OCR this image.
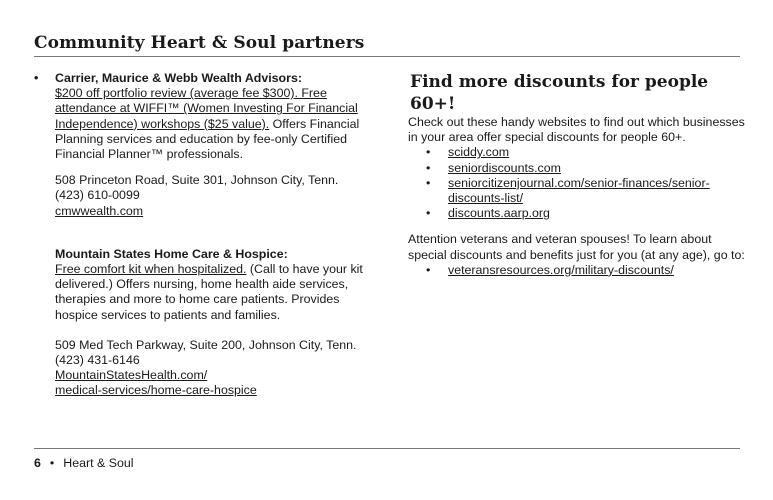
Community Heart & Soul partners
• Carrier, Maurice & Webb Wealth Advisors:

$200 off portfolio review (average fee $300). Free attendance at WIFFI™ (Women Investing For Financial Independence) workshops ($25 value). Offers Financial Planning services and education by fee-only Certified Financial Planner™ professionals.

508 Princeton Road, Suite 301, Johnson City, Tenn.

(423) 610-0099

cmwwealth.com

Mountain States Home Care & Hospice:

Free comfort kit when hospitalized. (Call to have your kit delivered.) Offers nursing, home health aide services, therapies and more to home care patients. Provides hospice services to patients and families.

509 Med Tech Parkway, Suite 200, Johnson City, Tenn.

(423) 431-6146

MountainStatesHealth.com/

medical-services/home-care-hospice

Find more discounts for people 60+!

Check out these handy websites to find out which businesses in your area offer special discounts for people 60+.

• sciddy.com
• seniordiscounts.com
• seniorcitizenjournal.com/senior-finances/senior-discounts-list/
• discounts.aarp.org

Attention veterans and veteran spouses! To learn about special discounts and benefits just for you (at any age), go to:

• veteransresources.org/military-discounts/
6 • Heart & Soul
